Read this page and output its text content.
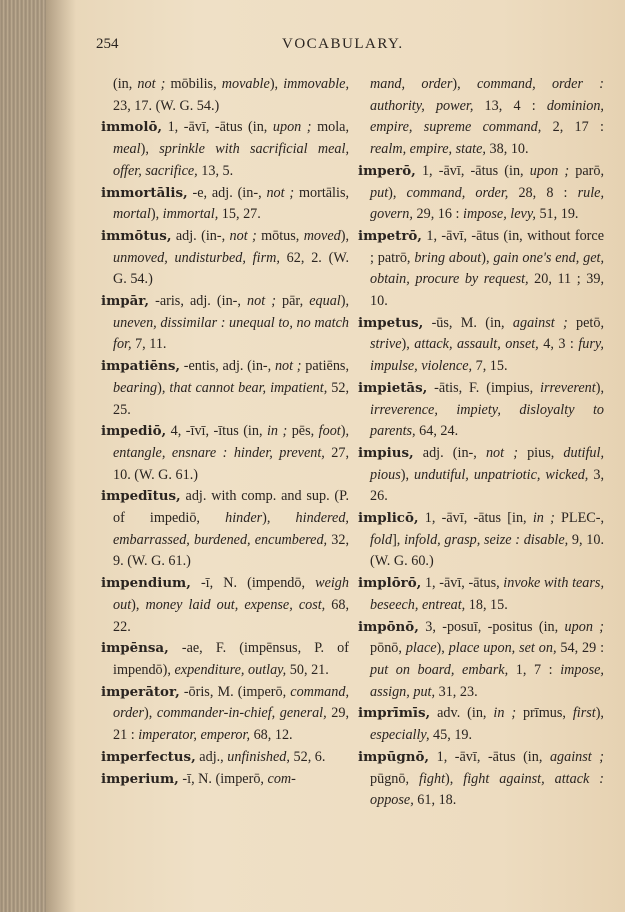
254	VOCABULARY.

(in, not ; mōbilis, movable), immovable, 23, 17. (W. G. 54.)

immolō, 1, -āvī, -ātus (in, upon ; mola, meal), sprinkle with sacrificial meal, offer, sacrifice, 13, 5.

immortālis, -e, adj. (in-, not ; mortālis, mortal), immortal, 15, 27.

immōtus, adj. (in-, not ; mōtus, moved), unmoved, undisturbed, firm, 62, 2. (W. G. 54.)

impār, -aris, adj. (in-, not ; pār, equal), uneven, dissimilar : unequal to, no match for, 7, 11.

impatiēns, -entis, adj. (in-, not ; patiēns, bearing), that cannot bear, impatient, 52, 25.

impediō, 4, -īvī, -ītus (in, in ; pēs, foot), entangle, ensnare : hinder, prevent, 27, 10. (W. G. 61.)

impedītus, adj. with comp. and sup. (P. of impediō, hinder), hindered, embarrassed, burdened, encumbered, 32, 9. (W. G. 61.)

impendium, -ī, N. (impendō, weigh out), money laid out, expense, cost, 68, 22.

impēnsa, -ae, F. (impēnsus, P. of impendō), expenditure, outlay, 50, 21.

imperātor, -ōris, M. (imperō, command, order), commander-in-chief, general, 29, 21 : imperator, emperor, 68, 12.

imperfectus, adj., unfinished, 52, 6.

imperium, -ī, N. (imperō, com-

mand, order), command, order : authority, power, 13, 4 : dominion, empire, supreme command, 2, 17 : realm, empire, state, 38, 10.

imperō, 1, -āvī, -ātus (in, upon ; parō, put), command, order, 28, 8 : rule, govern, 29, 16 : impose, levy, 51, 19.

impetrō, 1, -āvī, -ātus (in, without force ; patrō, bring about), gain one's end, get, obtain, procure by request, 20, 11 ; 39, 10.

impetus, -ūs, M. (in, against ; petō, strive), attack, assault, onset, 4, 3 : fury, impulse, violence, 7, 15.

impietās, -ātis, F. (impius, irreverent), irreverence, impiety, disloyalty to parents, 64, 24.

impius, adj. (in-, not ; pius, dutiful, pious), undutiful, unpatriotic, wicked, 3, 26.

implicō, 1, -āvī, -ātus [in, in ; PLEC-, fold], infold, grasp, seize : disable, 9, 10. (W. G. 60.)

implōrō, 1, -āvī, -ātus, invoke with tears, beseech, entreat, 18, 15.

impōnō, 3, -posuī, -positus (in, upon ; pōnō, place), place upon, set on, 54, 29 : put on board, embark, 1, 7 : impose, assign, put, 31, 23.

imprīmīs, adv. (in, in ; prīmus, first), especially, 45, 19.

impūgnō, 1, -āvī, -ātus (in, against ; pūgnō, fight), fight against, attack : oppose, 61, 18.
